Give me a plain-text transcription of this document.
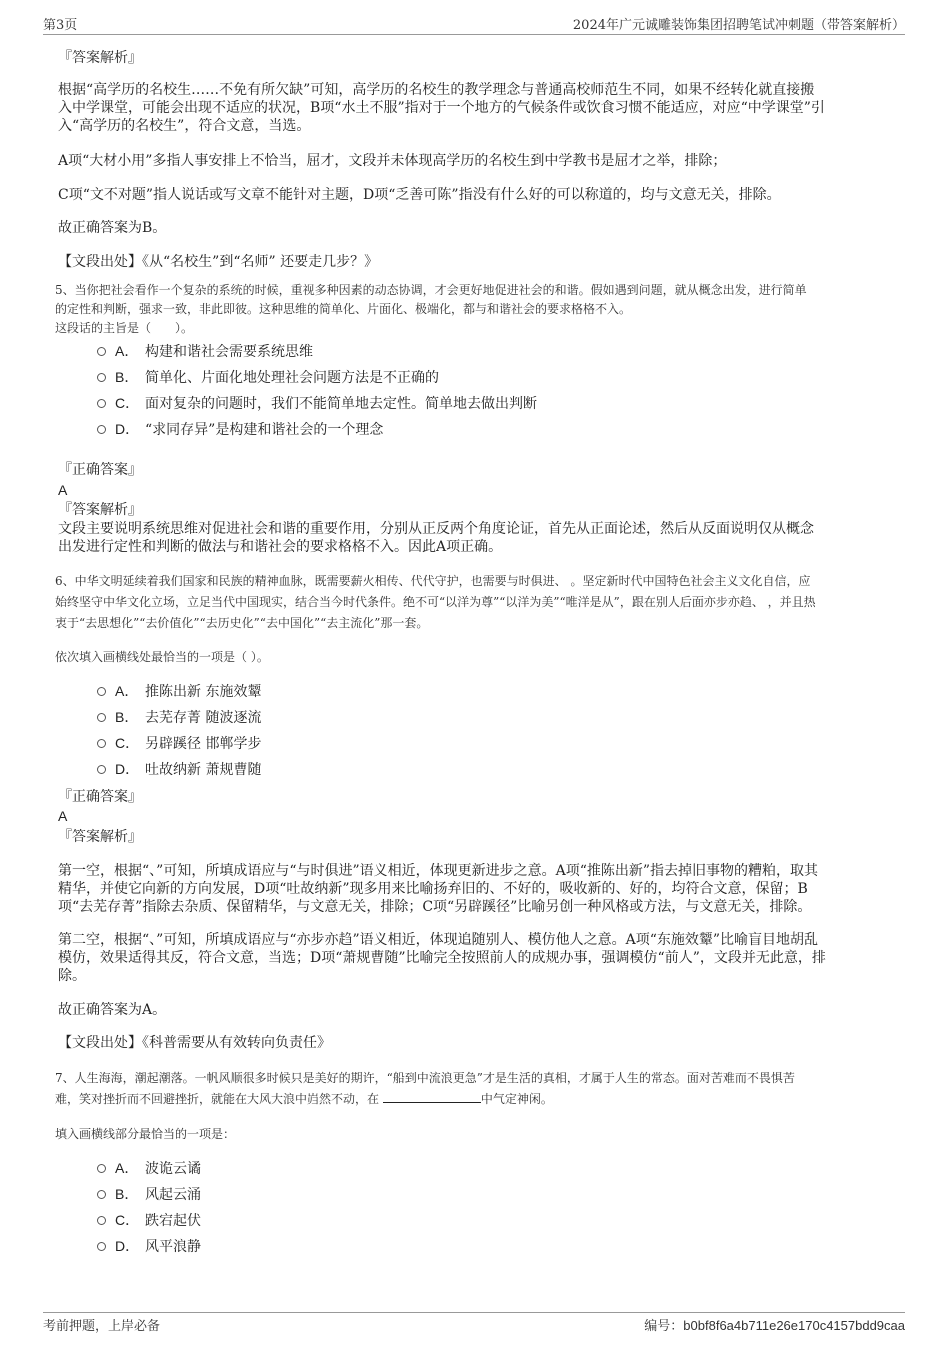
第3页	2024年广元诚雕装饰集团招聘笔试冲刺题（带答案解析）
『答案解析』
根据“高学历的名校生……不免有所欠缺”可知，高学历的名校生的教学理念与普通高校师范生不同，如果不经转化就直接搬
入中学课堂，可能会出现不适应的状况，B项“水土不服”指对于一个地方的气候条件或饮食习惯不能适应，对应“中学课堂”引
入“高学历的名校生”，符合文意，当选。
A项“大材小用”多指人事安排上不恰当，屈才，文段并未体现高学历的名校生到中学教书是屈才之举，排除；
C项“文不对题”指人说话或写文章不能针对主题，D项“乏善可陈”指没有什么好的可以称道的，均与文意无关，排除。
故正确答案为B。
【文段出处】《从“名校生”到“名师” 还要走几步？》
5、当你把社会看作一个复杂的系统的时候，重视多种因素的动态协调，才会更好地促进社会的和谐。假如遇到问题，就从概念出发，进行简单
的定性和判断，强求一致，非此即彼。这种思维的简单化、片面化、极端化，都与和谐社会的要求格格不入。
这段话的主旨是（　　）。
A． 构建和谐社会需要系统思维
B． 简单化、片面化地处理社会问题方法是不正确的
C． 面对复杂的问题时，我们不能简单地去定性。简单地去做出判断
D． “求同存异”是构建和谐社会的一个理念
『正确答案』
A
『答案解析』
文段主要说明系统思维对促进社会和谐的重要作用，分别从正反两个角度论证，首先从正面论述，然后从反面说明仅从概念
出发进行定性和判断的做法与和谐社会的要求格格不入。因此A项正确。
6、中华文明延续着我们国家和民族的精神血脉，既需要薪火相传、代代守护，也需要与时俱进、 。坚定新时代中国特色社会主义文化自信，应
始终坚守中华文化立场，立足当代中国现实，结合当今时代条件。绝不可“以洋为尊”“以洋为美”“唯洋是从”，跟在别人后面亦步亦趋、 ，并且热
衷于“去思想化”“去价值化”“去历史化”“去中国化”“去主流化”那一套。
依次填入画横线处最恰当的一项是（ ）。
A． 推陈出新 东施效颦
B． 去芜存菁 随波逐流
C． 另辟蹊径 邯郸学步
D． 吐故纳新 萧规曹随
『正确答案』
A
『答案解析』
第一空，根据“、”可知，所填成语应与“与时俱进”语义相近，体现更新进步之意。A项“推陈出新”指去掉旧事物的糟粕，取其
精华，并使它向新的方向发展，D项“吐故纳新”现多用来比喻扬弃旧的、不好的，吸收新的、好的，均符合文意，保留；B
项“去芜存菁”指除去杂质、保留精华，与文意无关，排除；C项“另辟蹊径”比喻另创一种风格或方法，与文意无关，排除。
第二空，根据“、”可知，所填成语应与“亦步亦趋”语义相近，体现追随别人、模仿他人之意。A项“东施效颦”比喻盲目地胡乱
模仿，效果适得其反，符合文意，当选；D项“萧规曹随”比喻完全按照前人的成规办事，强调模仿“前人”，文段并无此意，排
除。
故正确答案为A。
【文段出处】《科普需要从有效转向负责任》
7、人生海海，潮起潮落。一帆风顺很多时候只是美好的期许，“船到中流浪更急”才是生活的真相，才属于人生的常态。面对苦难而不畏惧苦
难，笑对挫折而不回避挫折，就能在大风大浪中岿然不动，在	中气定神闲。
填入画横线部分最恰当的一项是：
A． 波诡云谲
B． 风起云涌
C． 跌宕起伏
D． 风平浪静
考前押题，上岸必备	编号：b0bf8f6a4b711e26e170c4157bdd9caa
